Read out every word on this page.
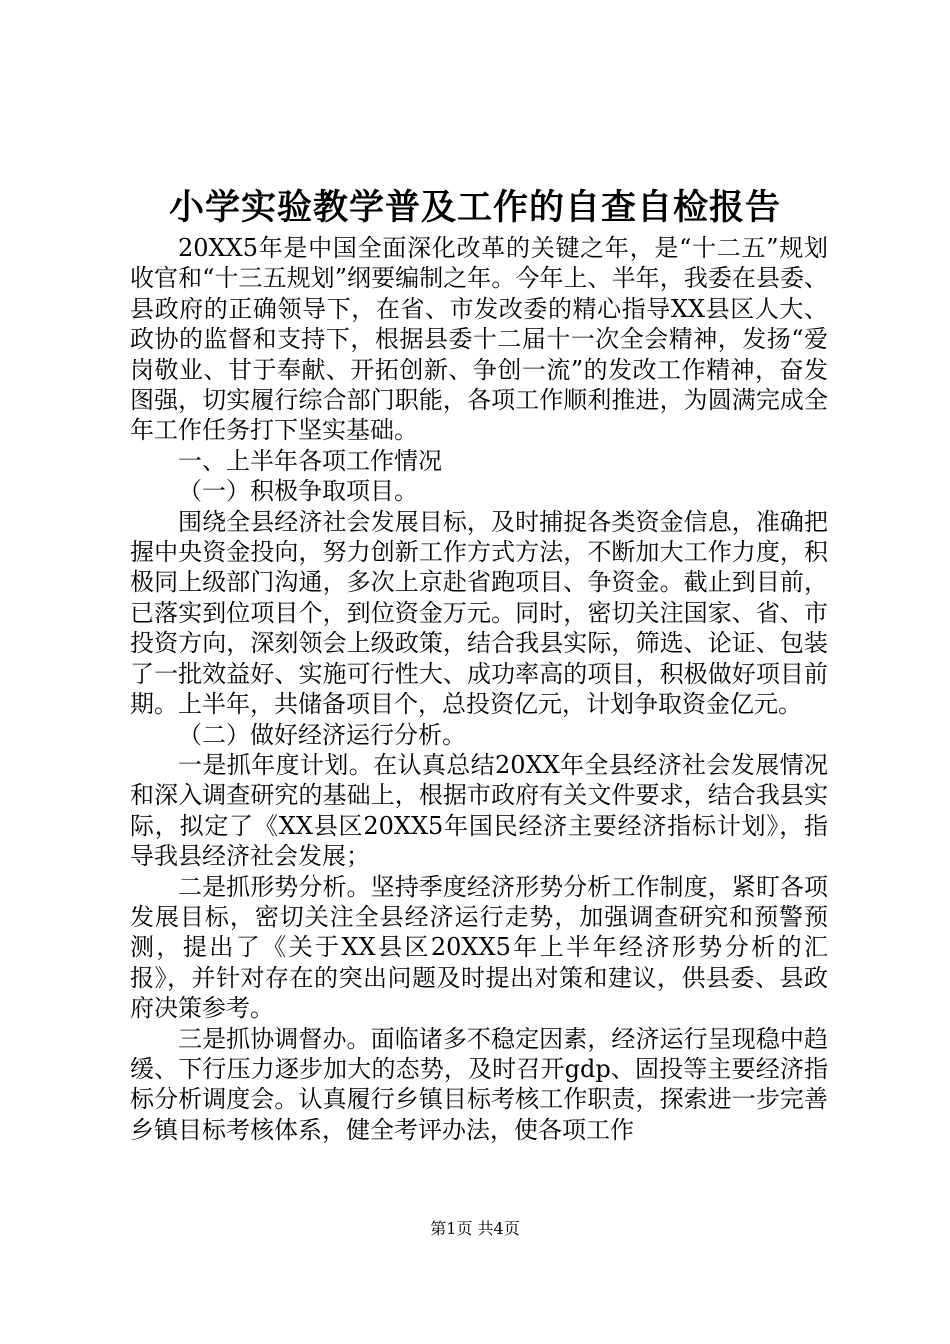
小学实验教学普及工作的自查自检报告

20XX5年是中国全面深化改革的关键之年，是“十二五”规划收官和“十三五规划”纲要编制之年。今年上、半年，我委在县委、县政府的正确领导下，在省、市发改委的精心指导XX县区人大、政协的监督和支持下，根据县委十二届十一次全会精神，发扬“爱岗敬业、甘于奉献、开拓创新、争创一流”的发改工作精神，奋发图强，切实履行综合部门职能，各项工作顺利推进，为圆满完成全年工作任务打下坚实基础。

一、上半年各项工作情况

（一）积极争取项目。

围绕全县经济社会发展目标，及时捕捉各类资金信息，准确把握中央资金投向，努力创新工作方式方法，不断加大工作力度，积极同上级部门沟通，多次上京赴省跑项目、争资金。截止到目前，已落实到位项目个，到位资金万元。同时，密切关注国家、省、市投资方向，深刻领会上级政策，结合我县实际，筛选、论证、包装了一批效益好、实施可行性大、成功率高的项目，积极做好项目前期。上半年，共储备项目个，总投资亿元，计划争取资金亿元。

（二）做好经济运行分析。

一是抓年度计划。在认真总结20XX年全县经济社会发展情况和深入调查研究的基础上，根据市政府有关文件要求，结合我县实际，拟定了《XX县区20XX5年国民经济主要经济指标计划》，指导我县经济社会发展；

二是抓形势分析。坚持季度经济形势分析工作制度，紧盯各项发展目标，密切关注全县经济运行走势，加强调查研究和预警预测，提出了《关于XX县区20XX5年上半年经济形势分析的汇报》，并针对存在的突出问题及时提出对策和建议，供县委、县政府决策参考。

三是抓协调督办。面临诸多不稳定因素，经济运行呈现稳中趋缓、下行压力逐步加大的态势，及时召开gdp、固投等主要经济指标分析调度会。认真履行乡镇目标考核工作职责，探索进一步完善乡镇目标考核体系，健全考评办法，使各项工作

第1页 共4页
